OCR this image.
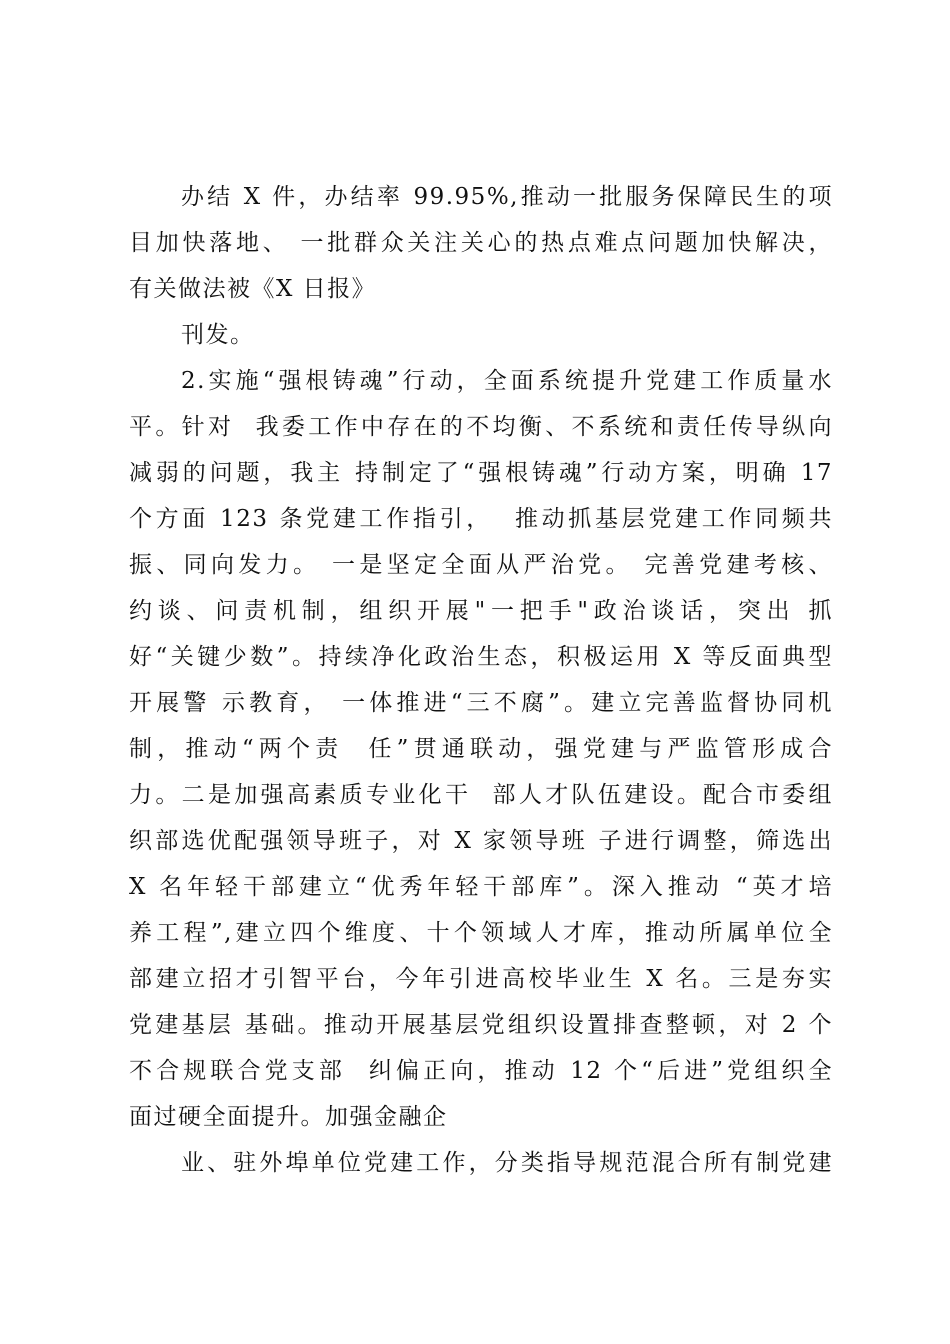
办结 X 件，办结率 99.95%,推动一批服务保障民生的项
目加快落地、 一批群众关注关心的热点难点问题加快解决，
有关做法被《X 日报》
刊发。
2.实施“强根铸魂”行动，全面系统提升党建工作质量水
平。针对  我委工作中存在的不均衡、不系统和责任传导纵向
减弱的问题，我主 持制定了“强根铸魂”行动方案，明确 17
个方面 123 条党建工作指引，  推动抓基层党建工作同频共
振、同向发力。 一是坚定全面从严治党。 完善党建考核、
约谈、问责机制，组织开展"一把手"政治谈话，突出 抓
好“关键少数”。持续净化政治生态，积极运用 X 等反面典型
开展警 示教育， 一体推进“三不腐”。建立完善监督协同机
制，推动“两个责  任”贯通联动，强党建与严监管形成合
力。二是加强高素质专业化干  部人才队伍建设。配合市委组
织部选优配强领导班子，对 X 家领导班 子进行调整，筛选出
X 名年轻干部建立“优秀年轻干部库”。深入推动 “英才培
养工程”,建立四个维度、十个领域人才库，推动所属单位全
部建立招才引智平台，今年引进高校毕业生 X 名。三是夯实
党建基层 基础。推动开展基层党组织设置排查整顿，对 2 个
不合规联合党支部  纠偏正向，推动 12 个“后进”党组织全
面过硬全面提升。加强金融企
业、驻外埠单位党建工作，分类指导规范混合所有制党建
